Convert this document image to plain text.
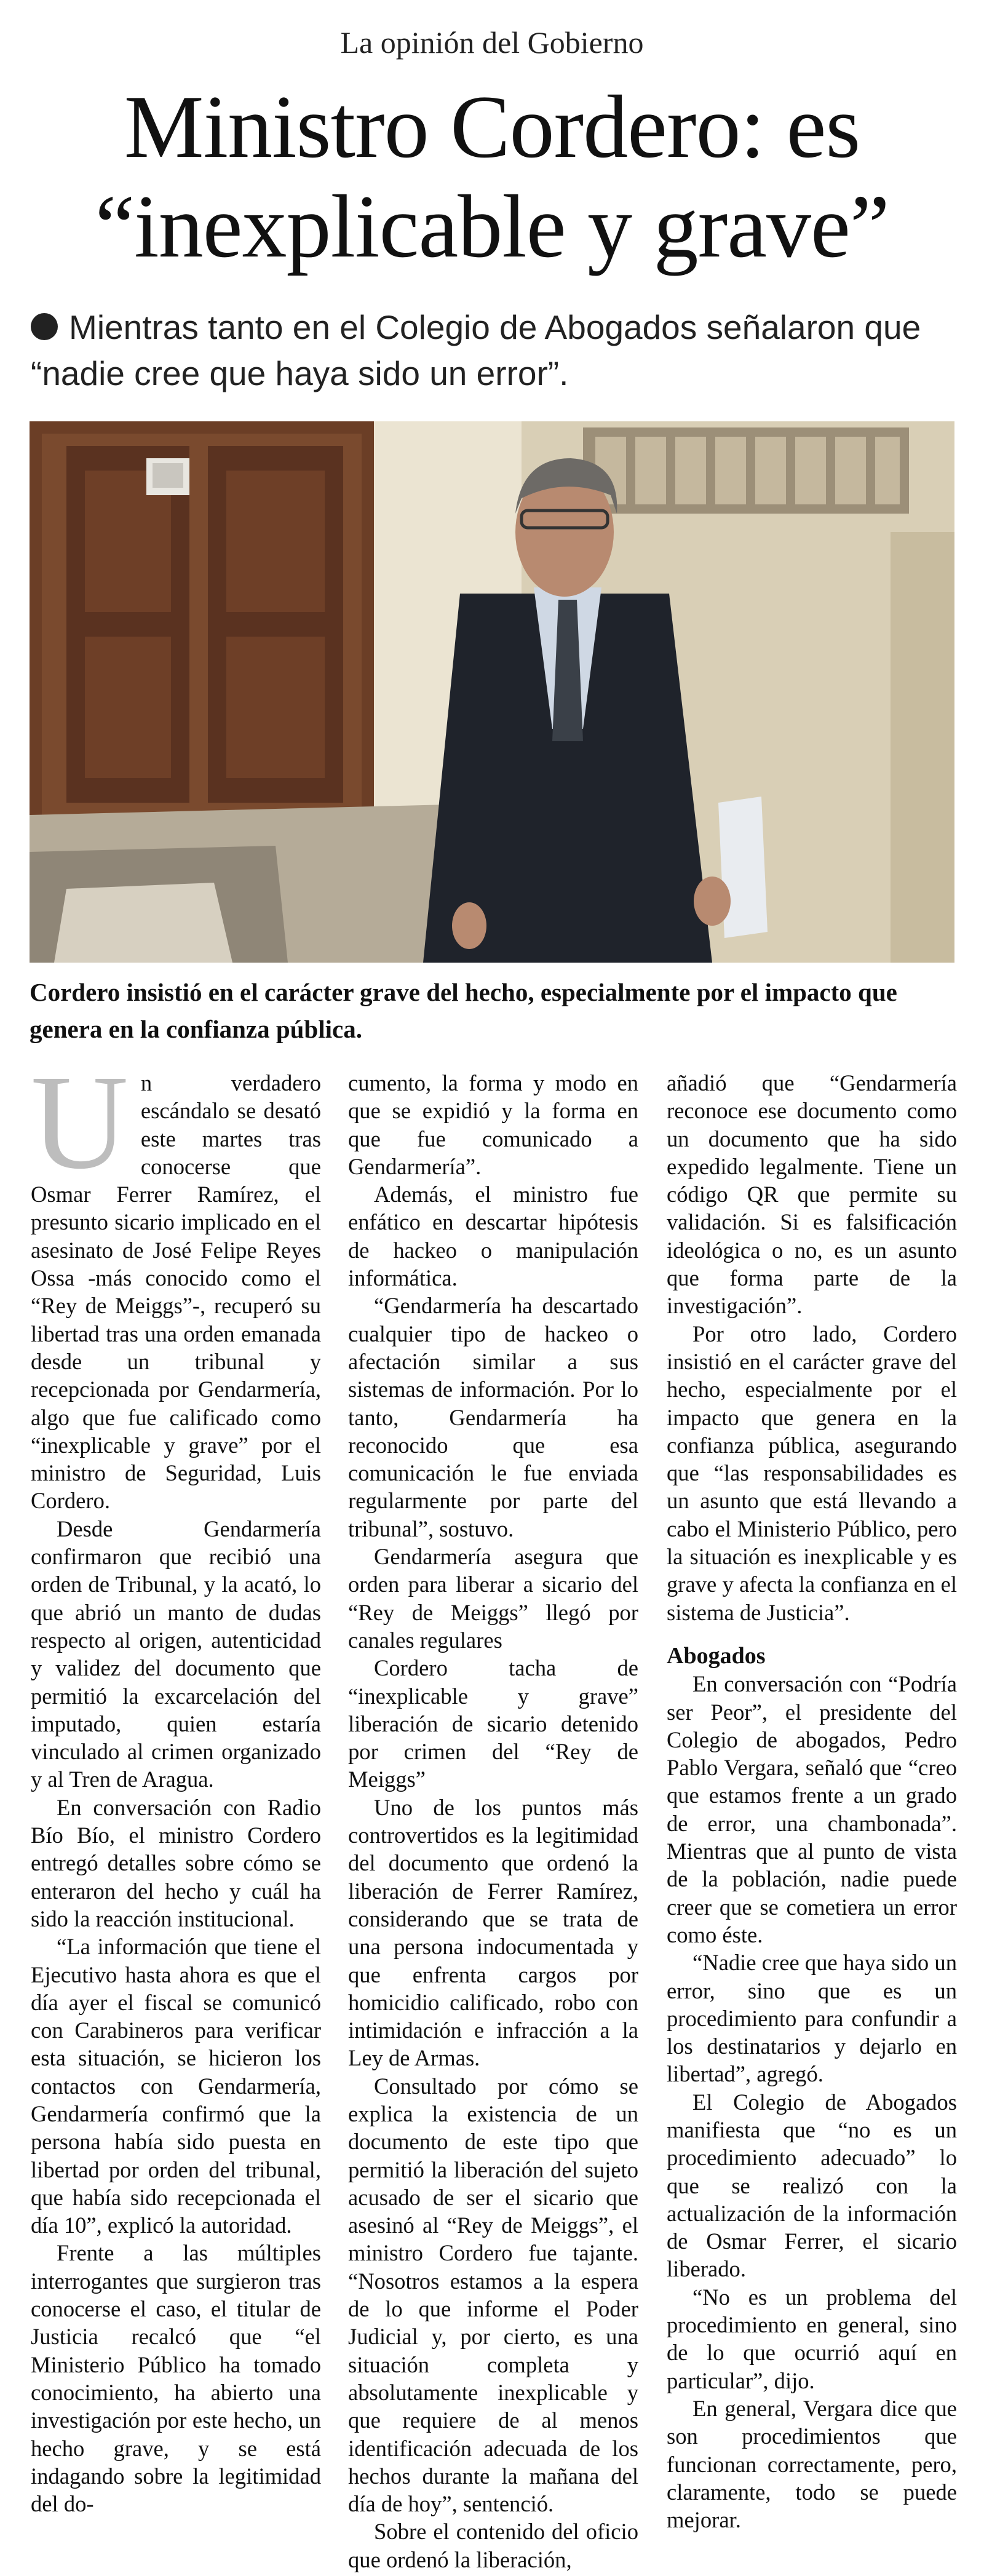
La opinión del Gobierno
Ministro Cordero: es
“inexplicable y grave”
Mientras tanto en el Colegio de Abogados señalaron que “nadie cree que haya sido un error”.
Cordero insistió en el carácter grave del hecho, especialmente por el impacto que genera en la confianza pública.
U n verdadero escándalo se desató este martes tras conocerse que Osmar Ferrer Ramírez, el presunto sicario implicado en el asesinato de José Felipe Reyes Ossa -más conocido como el “Rey de Meiggs”-, recuperó su libertad tras una orden emanada desde un tribunal y recepcionada por Gendarmería, algo que fue calificado como “inexplicable y grave” por el ministro de Seguridad, Luis Cordero.

Desde Gendarmería confirmaron que recibió una orden de Tribunal, y la acató, lo que abrió un manto de dudas respecto al origen, autenticidad y validez del documento que permitió la excarcelación del imputado, quien estaría vinculado al crimen organizado y al Tren de Aragua.

En conversación con Radio Bío Bío, el ministro Cordero entregó detalles sobre cómo se enteraron del hecho y cuál ha sido la reacción institucional.

“La información que tiene el Ejecutivo hasta ahora es que el día ayer el fiscal se comunicó con Carabineros para verificar esta situación, se hicieron los contactos con Gendarmería, Gendarmería confirmó que la persona había sido puesta en libertad por orden del tribunal, que había sido recepcionada el día 10”, explicó la autoridad.

Frente a las múltiples interrogantes que surgieron tras conocerse el caso, el titular de Justicia recalcó que “el Ministerio Público ha tomado conocimiento, ha abierto una investigación por este hecho, un hecho grave, y se está indagando sobre la legitimidad del do-

cumento, la forma y modo en que se expidió y la forma en que fue comunicado a Gendarmería”.

Además, el ministro fue enfático en descartar hipótesis de hackeo o manipulación informática.

“Gendarmería ha descartado cualquier tipo de hackeo o afectación similar a sus sistemas de información. Por lo tanto, Gendarmería ha reconocido que esa comunicación le fue enviada regularmente por parte del tribunal”, sostuvo.

Gendarmería asegura que orden para liberar a sicario del “Rey de Meiggs” llegó por canales regulares

Cordero tacha de “inexplicable y grave” liberación de sicario detenido por crimen del “Rey de Meiggs”

Uno de los puntos más controvertidos es la legitimidad del documento que ordenó la liberación de Ferrer Ramírez, considerando que se trata de una persona indocumentada y que enfrenta cargos por homicidio calificado, robo con intimidación e infracción a la Ley de Armas.

Consultado por cómo se explica la existencia de un documento de este tipo que permitió la liberación del sujeto acusado de ser el sicario que asesinó al “Rey de Meiggs”, el ministro Cordero fue tajante. “Nosotros estamos a la espera de lo que informe el Poder Judicial y, por cierto, es una situación completa y absolutamente inexplicable y que requiere de al menos identificación adecuada de los hechos durante la mañana del día de hoy”, sentenció.

Sobre el contenido del oficio que ordenó la liberación,

añadió que “Gendarmería reconoce ese documento como un documento que ha sido expedido legalmente. Tiene un código QR que permite su validación. Si es falsificación ideológica o no, es un asunto que forma parte de la investigación”.

Por otro lado, Cordero insistió en el carácter grave del hecho, especialmente por el impacto que genera en la confianza pública, asegurando que “las responsabilidades es un asunto que está llevando a cabo el Ministerio Público, pero la situación es inexplicable y es grave y afecta la confianza en el sistema de Justicia”.

Abogados

En conversación con “Podría ser Peor”, el presidente del Colegio de abogados, Pedro Pablo Vergara, señaló que “creo que estamos frente a un grado de error, una chambonada”. Mientras que al punto de vista de la población, nadie puede creer que se cometiera un error como éste.

“Nadie cree que haya sido un error, sino que es un procedimiento para confundir a los destinatarios y dejarlo en libertad”, agregó.

El Colegio de Abogados manifiesta que “no es un procedimiento adecuado” lo que se realizó con la actualización de la información de Osmar Ferrer, el sicario liberado.

“No es un problema del procedimiento en general, sino de lo que ocurrió aquí en particular”, dijo.

En general, Vergara dice que son procedimientos que funcionan correctamente, pero, claramente, todo se puede mejorar.
